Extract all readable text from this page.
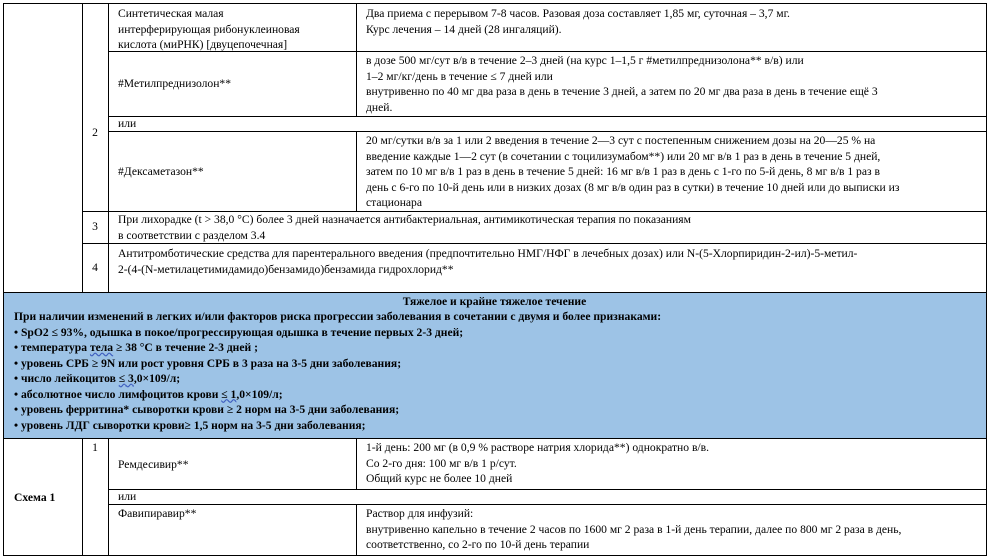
Синтетическая малая
интерферирующая рибонуклеиновая
кислота (миРНК) [двуцепочечная]
Два приема с перерывом 7-8 часов. Разовая доза составляет 1,85 мг, суточная – 3,7 мг.
Курс лечения – 14 дней (28 ингаляций).
2
#Метилпреднизолон**
в дозе 500 мг/сут в/в в течение 2–3 дней (на курс 1–1,5 г #метилпреднизолона** в/в) или
1–2 мг/кг/день в течение ≤ 7 дней или
внутривенно по 40 мг два раза в день в течение 3 дней, а затем по 20 мг два раза в день в течение ещё 3
дней.
или
#Дексаметазон**
20 мг/сутки в/в за 1 или 2 введения в течение 2—3 сут с постепенным снижением дозы на 20—25 % на
введение каждые 1—2 сут (в сочетании с тоцилизумабом**) или 20 мг в/в 1 раз в день в течение 5 дней,
затем по 10 мг в/в 1 раз в день в течение 5 дней: 16 мг в/в 1 раз в день с 1-го по 5-й день, 8 мг в/в 1 раз в
день с 6-го по 10-й день или в низких дозах (8 мг в/в один раз в сутки) в течение 10 дней или до выписки из
стационара
3
При лихорадке (t > 38,0 °C) более 3 дней назначается антибактериальная, антимикотическая терапия по показаниям
в соответствии с разделом 3.4
4
Антитромботические средства для парентерального введения (предпочтительно НМГ/НФГ в лечебных дозах) или N-(5-Хлорпиридин-2-ил)-5-метил-
2-(4-(N-метилацетимидамидо)бензамидо)бензамида гидрохлорид**
Тяжелое и крайне тяжелое течение
При наличии изменений в легких и/или факторов риска прогрессии заболевания в сочетании с двумя и более признаками:
• SpO2 ≤ 93%, одышка в покое/прогрессирующая одышка в течение первых 2-3 дней;
• температура тела ≥ 38 °С в течение 2-3 дней ;
• уровень СРБ ≥ 9N или рост уровня СРБ в 3 раза на 3-5 дни заболевания;
• число лейкоцитов ≤ 3,0×109/л;
• абсолютное число лимфоцитов крови ≤ 1,0×109/л;
• уровень ферритина* сыворотки крови ≥ 2 норм на 3-5 дни заболевания;
• уровень ЛДГ сыворотки крови≥ 1,5 норм на 3-5 дни заболевания;
Схема 1
1
Ремдесивир**
1-й день: 200 мг (в 0,9 % растворе натрия хлорида**) однократно в/в.
Со 2-го дня: 100 мг в/в 1 р/сут.
Общий курс не более 10 дней
или
Фавипиравир**	Раствор для инфузий:
внутривенно капельно в течение 2 часов по 1600 мг 2 раза в 1-й день терапии, далее по 800 мг 2 раза в день,
соответственно, со 2-го по 10-й день терапии
